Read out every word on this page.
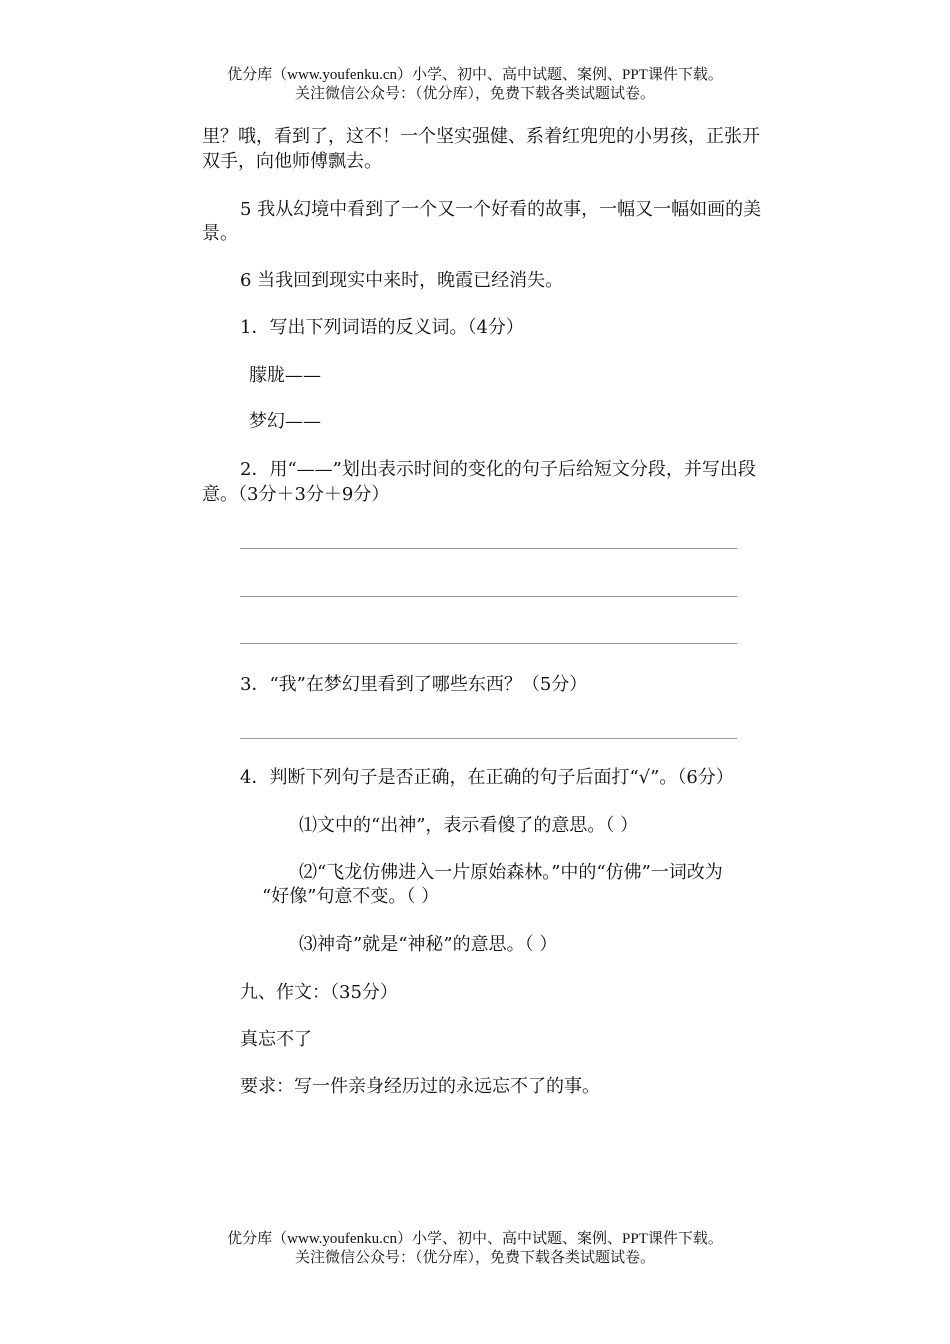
优分库（www.youfenku.cn）小学、初中、高中试题、案例、PPT课件下载。
关注微信公众号：（优分库），免费下载各类试题试卷。
里？哦，看到了，这不！一个坚实强健、系着红兜兜的小男孩，正张开
双手，向他师傅飘去。
5 我从幻境中看到了一个又一个好看的故事，一幅又一幅如画的美
景。
6 当我回到现实中来时，晚霞已经消失。
1．写出下列词语的反义词。（4分）
朦胧——
梦幻——
2．用“——”划出表示时间的变化的句子后给短文分段，并写出段
意。（3分＋3分＋9分）
3．“我”在梦幻里看到了哪些东西？（5分）
4．判断下列句子是否正确，在正确的句子后面打“√”。（6分）
⑴文中的“出神”，表示看傻了的意思。（ ）
⑵“飞龙仿佛进入一片原始森林。”中的“仿佛”一词改为
“好像”句意不变。（ ）
⑶神奇”就是“神秘”的意思。（ ）
九、作文：（35分）
真忘不了
要求：写一件亲身经历过的永远忘不了的事。
优分库（www.youfenku.cn）小学、初中、高中试题、案例、PPT课件下载。
关注微信公众号：（优分库），免费下载各类试题试卷。
